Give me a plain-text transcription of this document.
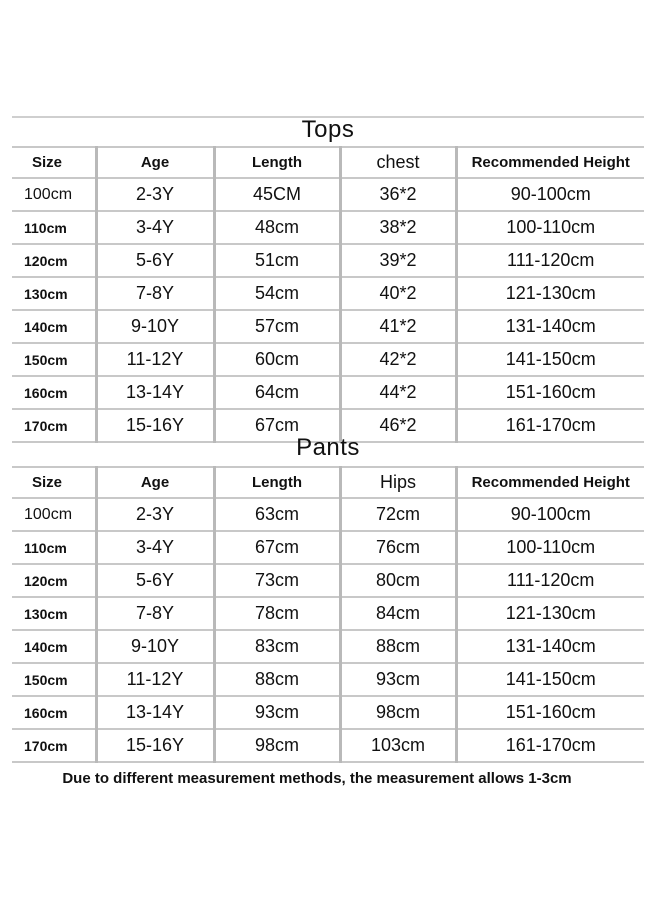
Tops
Size	Age	Length	chest	Recommended Height
100cm	2-3Y	45CM	36*2	90-100cm
110cm	3-4Y	48cm	38*2	100-110cm
120cm	5-6Y	51cm	39*2	111-120cm
130cm	7-8Y	54cm	40*2	121-130cm
140cm	9-10Y	57cm	41*2	131-140cm
150cm	11-12Y	60cm	42*2	141-150cm
160cm	13-14Y	64cm	44*2	151-160cm
170cm	15-16Y	67cm	46*2	161-170cm
Pants
Size	Age	Length	Hips	Recommended Height
100cm	2-3Y	63cm	72cm	90-100cm
110cm	3-4Y	67cm	76cm	100-110cm
120cm	5-6Y	73cm	80cm	111-120cm
130cm	7-8Y	78cm	84cm	121-130cm
140cm	9-10Y	83cm	88cm	131-140cm
150cm	11-12Y	88cm	93cm	141-150cm
160cm	13-14Y	93cm	98cm	151-160cm
170cm	15-16Y	98cm	103cm	161-170cm
Due to different measurement methods, the measurement allows 1-3cm
